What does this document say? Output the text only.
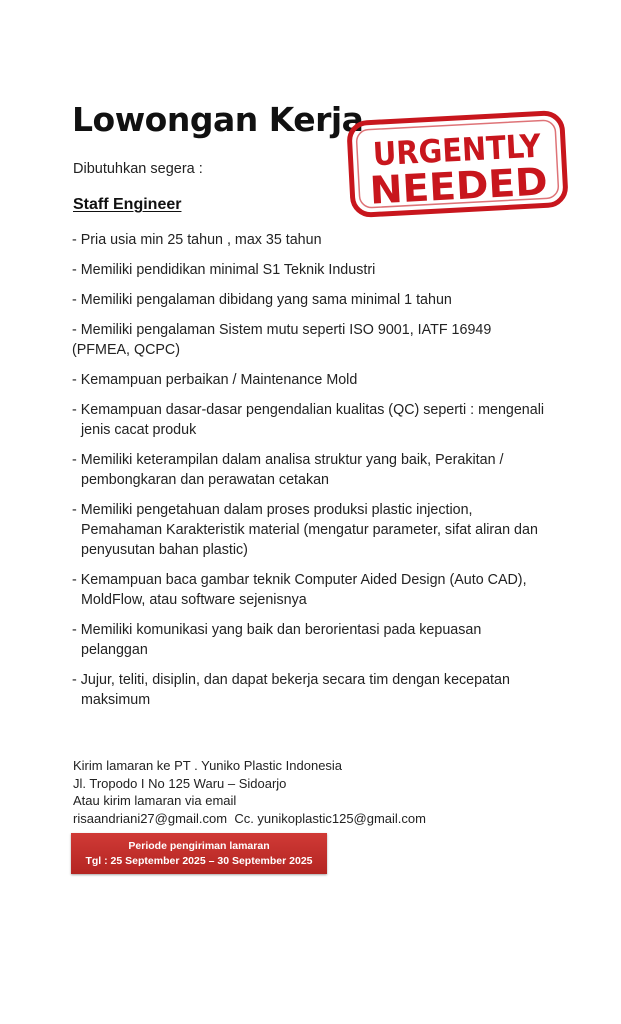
Lowongan Kerja
Dibutuhkan segera :
Staff Engineer
URGENTLY
NEEDED
- Pria usia min 25 tahun , max 35 tahun
- Memiliki pendidikan minimal S1 Teknik Industri
- Memiliki pengalaman dibidang yang sama minimal 1 tahun
- Memiliki pengalaman Sistem mutu seperti ISO 9001, IATF 16949 (PFMEA, QCPC)
- Kemampuan perbaikan / Maintenance Mold
- Kemampuan dasar-dasar pengendalian kualitas (QC) seperti : mengenali jenis cacat produk
- Memiliki keterampilan dalam analisa struktur yang baik, Perakitan / pembongkaran dan perawatan cetakan
- Memiliki pengetahuan dalam proses produksi plastic injection, Pemahaman Karakteristik material (mengatur parameter, sifat aliran dan penyusutan bahan plastic)
- Kemampuan baca gambar teknik Computer Aided Design (Auto CAD), MoldFlow, atau software sejenisnya
- Memiliki komunikasi yang baik dan berorientasi pada kepuasan pelanggan
- Jujur, teliti, disiplin, dan dapat bekerja secara tim dengan kecepatan maksimum
Kirim lamaran ke PT . Yuniko Plastic Indonesia
Jl. Tropodo I No 125 Waru – Sidoarjo
Atau kirim lamaran via email
risaandriani27@gmail.com  Cc. yunikoplastic125@gmail.com
Periode pengiriman lamaran
Tgl : 25 September 2025 – 30 September 2025
